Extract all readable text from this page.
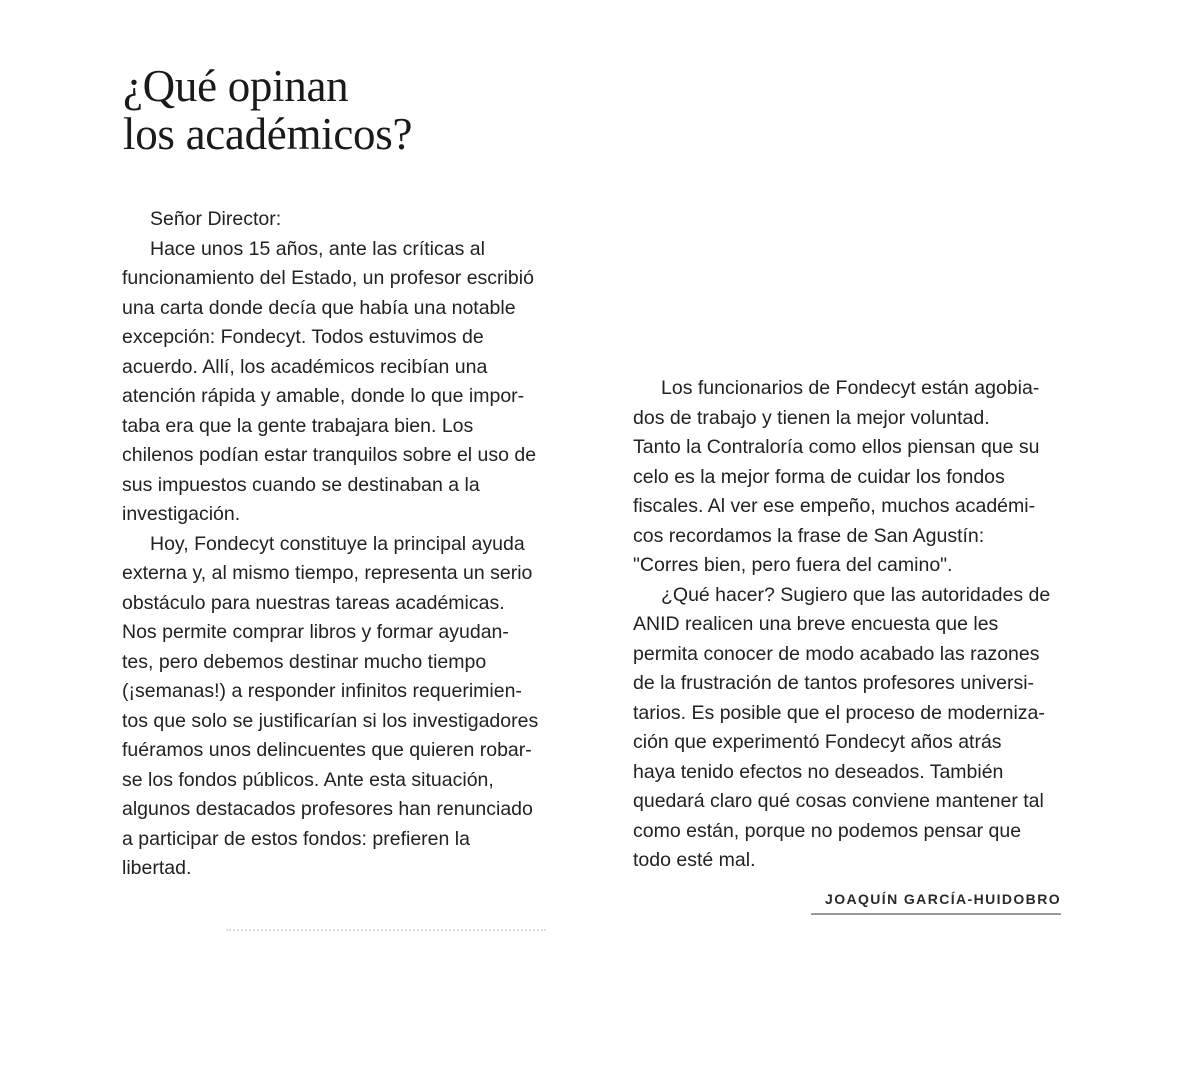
¿Qué opinan
los académicos?
Señor Director:
Hace unos 15 años, ante las críticas al
funcionamiento del Estado, un profesor escribió
una carta donde decía que había una notable
excepción: Fondecyt. Todos estuvimos de
acuerdo. Allí, los académicos recibían una
atención rápida y amable, donde lo que impor-
taba era que la gente trabajara bien. Los
chilenos podían estar tranquilos sobre el uso de
sus impuestos cuando se destinaban a la
investigación.
Hoy, Fondecyt constituye la principal ayuda
externa y, al mismo tiempo, representa un serio
obstáculo para nuestras tareas académicas.
Nos permite comprar libros y formar ayudan-
tes, pero debemos destinar mucho tiempo
(¡semanas!) a responder infinitos requerimien-
tos que solo se justificarían si los investigadores
fuéramos unos delincuentes que quieren robar-
se los fondos públicos. Ante esta situación,
algunos destacados profesores han renunciado
a participar de estos fondos: prefieren la
libertad.
Los funcionarios de Fondecyt están agobia-
dos de trabajo y tienen la mejor voluntad.
Tanto la Contraloría como ellos piensan que su
celo es la mejor forma de cuidar los fondos
fiscales. Al ver ese empeño, muchos académi-
cos recordamos la frase de San Agustín:
"Corres bien, pero fuera del camino".
¿Qué hacer? Sugiero que las autoridades de
ANID realicen una breve encuesta que les
permita conocer de modo acabado las razones
de la frustración de tantos profesores universi-
tarios. Es posible que el proceso de moderniza-
ción que experimentó Fondecyt años atrás
haya tenido efectos no deseados. También
quedará claro qué cosas conviene mantener tal
como están, porque no podemos pensar que
todo esté mal.
JOAQUÍN GARCÍA-HUIDOBRO
